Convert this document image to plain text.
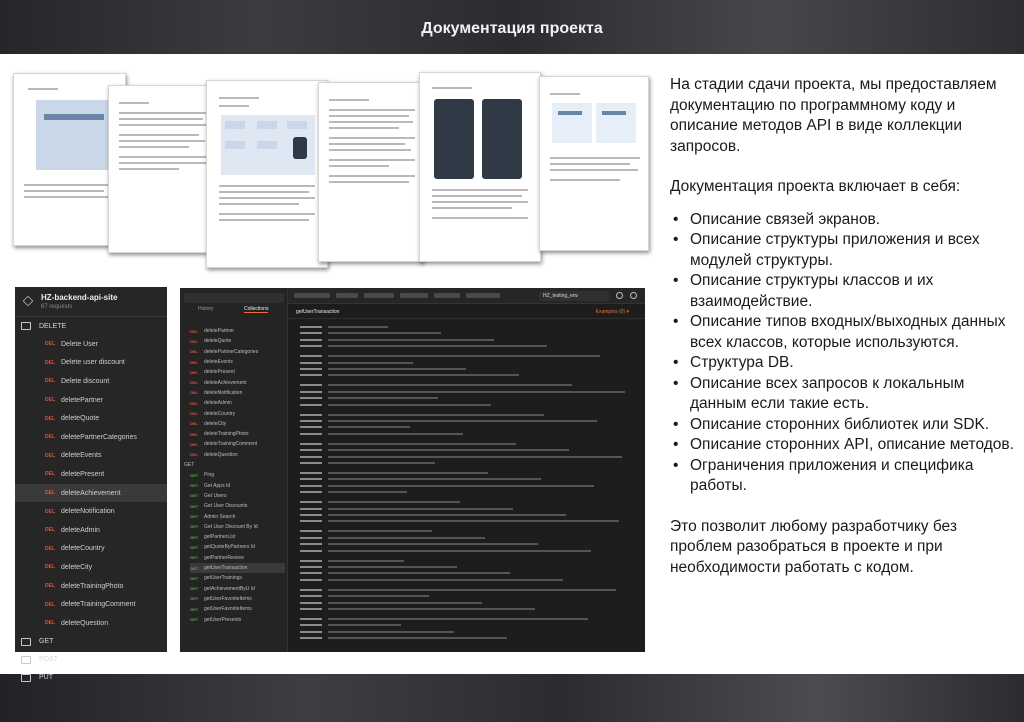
Документация проекта

На стадии сдачи проекта, мы предоставляем документацию по программному коду и описание методов API в виде коллекции запросов.

Документация проекта включает в себя:

• Описание связей экранов.
• Описание структуры приложения и всех модулей структуры.
• Описание структуры классов и их взаимодействие.
• Описание типов входных/выходных данных всех классов, которые используются.
• Структура DB.
• Описание всех запросов к локальным данным если такие есть.
• Описание сторонних библиотек или SDK.
• Описание сторонних API, описание методов.
• Ограничения приложения и специфика работы.

Это позволит любому разработчику без проблем разобраться в проекте и при необходимости работать с кодом.

HZ-backend-api-site
67 requests
DELETE
DEL Delete User
DEL Delete user discount
DEL Delete discount
DEL deletePartner
DEL deleteQuote
DEL deletePartnerCategories
DEL deleteEvents
DEL deletePresent
DEL deleteAchievement
DEL deleteNotification
DEL deleteAdmin
DEL deleteCountry
DEL deleteCity
DEL deleteTrainingPhoto
DEL deleteTrainingComment
DEL deleteQuestion
GET
POST
PUT
History	Collections
DEL	deletePartner
DEL	deleteQuote
DEL	deletePartnerCategories
DEL	deleteEvents
DEL	deletePresent
DEL	deleteAchievement
DEL	deleteNotification
DEL	deleteAdmin
DEL	deleteCountry
DEL	deleteCity
DEL	deleteTrainingPhoto
DEL	deleteTrainingComment
DEL	deleteQuestion
GET
GET	Ping
GET	Get Apps Id
GET	Get Users
GET	Get User Discounts
GET	Admin Search
GET	Get User Discount By Id
GET	getPartnerList
GET	getQuoteByPartners Id
GET	getPartnerReview
GET	getUserTransaction
GET	getUserTrainings
GET	getAchievementByU Id
GET	getUserFavoriteItems
GET	getUserFavoriteItems
GET	getUserPresents
HZ_testing_env
getUserTransaction	Examples (0) ▾
